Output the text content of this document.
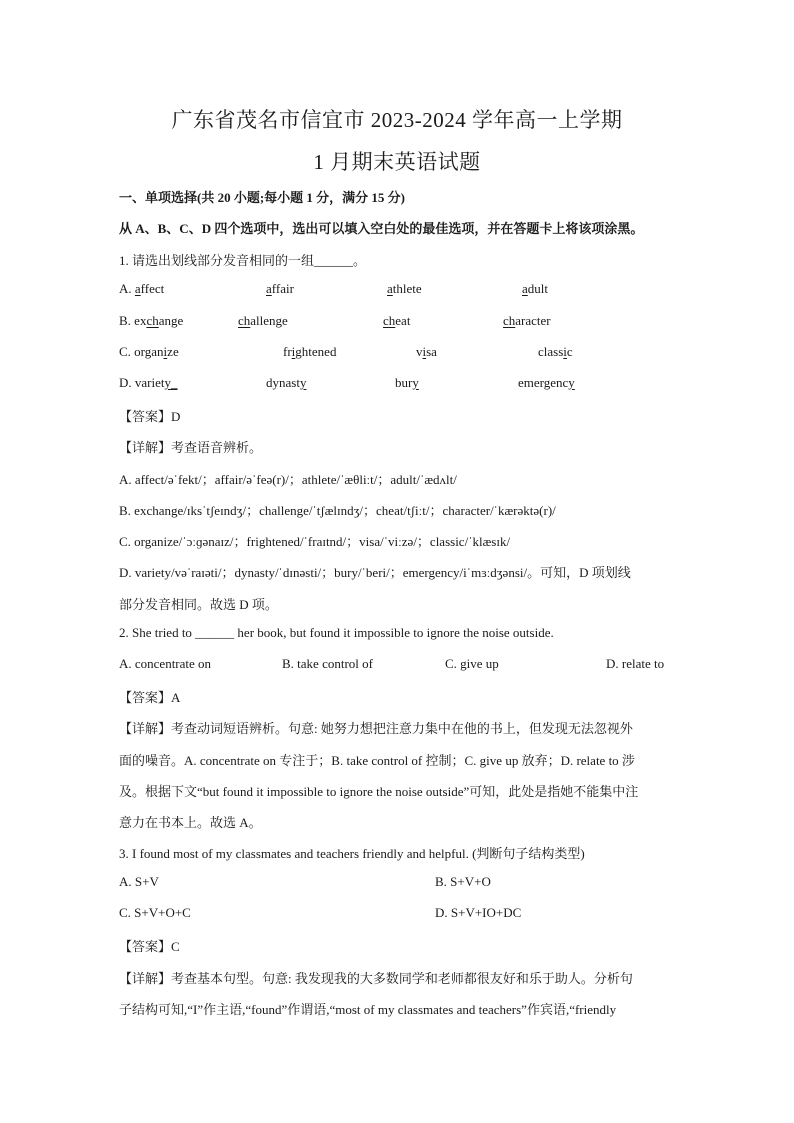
广东省茂名市信宜市 2023-2024 学年高一上学期
1 月期末英语试题
一、单项选择(共 20 小题;每小题 1 分，满分 15 分)
从 A、B、C、D 四个选项中，选出可以填入空白处的最佳选项，并在答题卡上将该项涂黑。
1. 请选出划线部分发音相同的一组______。
A. affect	affair	athlete	adult
B. exchange	challenge	cheat	character
C. organize	frightened	visa	classic
D. variety_	dynasty	bury	emergency
【答案】D
【详解】考查语音辨析。
A. affect/əˈfekt/；affair/əˈfeə(r)/；athlete/ˈæθliːt/；adult/ˈædʌlt/
B. exchange/ɪksˈtʃeɪndʒ/；challenge/ˈtʃælɪndʒ/；cheat/tʃiːt/；character/ˈkærəktə(r)/
C. organize/ˈɔːɡənaɪz/；frightened/ˈfraɪtnd/；visa/ˈviːzə/；classic/ˈklæsɪk/
D. variety/vəˈraɪəti/；dynasty/ˈdɪnəsti/；bury/ˈberi/；emergency/iˈmɜːdʒənsi/。可知，D 项划线
部分发音相同。故选 D 项。
2. She tried to ______ her book, but found it impossible to ignore the noise outside.
A. concentrate on	B. take control of	C. give up	D. relate to
【答案】A
【详解】考查动词短语辨析。句意: 她努力想把注意力集中在他的书上，但发现无法忽视外
面的噪音。A. concentrate on 专注于；B. take control of 控制；C. give up 放弃；D. relate to 涉
及。根据下文“but found it impossible to ignore the noise outside”可知，此处是指她不能集中注
意力在书本上。故选 A。
3. I found most of my classmates and teachers friendly and helpful. (判断句子结构类型)
A. S+V	B. S+V+O
C. S+V+O+C	D. S+V+IO+DC
【答案】C
【详解】考查基本句型。句意: 我发现我的大多数同学和老师都很友好和乐于助人。分析句
子结构可知,“I”作主语,“found”作谓语,“most of my classmates and teachers”作宾语,“friendly
